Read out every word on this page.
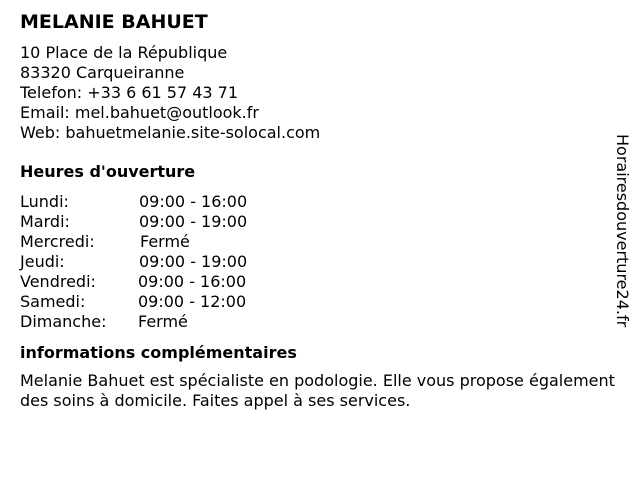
MELANIE BAHUET
10 Place de la République
83320 Carqueiranne
Telefon: +33 6 61 57 43 71
Email: mel.bahuet@outlook.fr
Web: bahuetmelanie.site-solocal.com
Heures d'ouverture
Lundi:	09:00 - 16:00
Mardi:	09:00 - 19:00
Mercredi:	Fermé
Jeudi:	09:00 - 19:00
Vendredi:	09:00 - 16:00
Samedi:	09:00 - 12:00
Dimanche: Fermé
informations complémentaires
Melanie Bahuet est spécialiste en podologie. Elle vous propose également des soins à domicile. Faites appel à ses services.
Horairesdouverture24.fr
